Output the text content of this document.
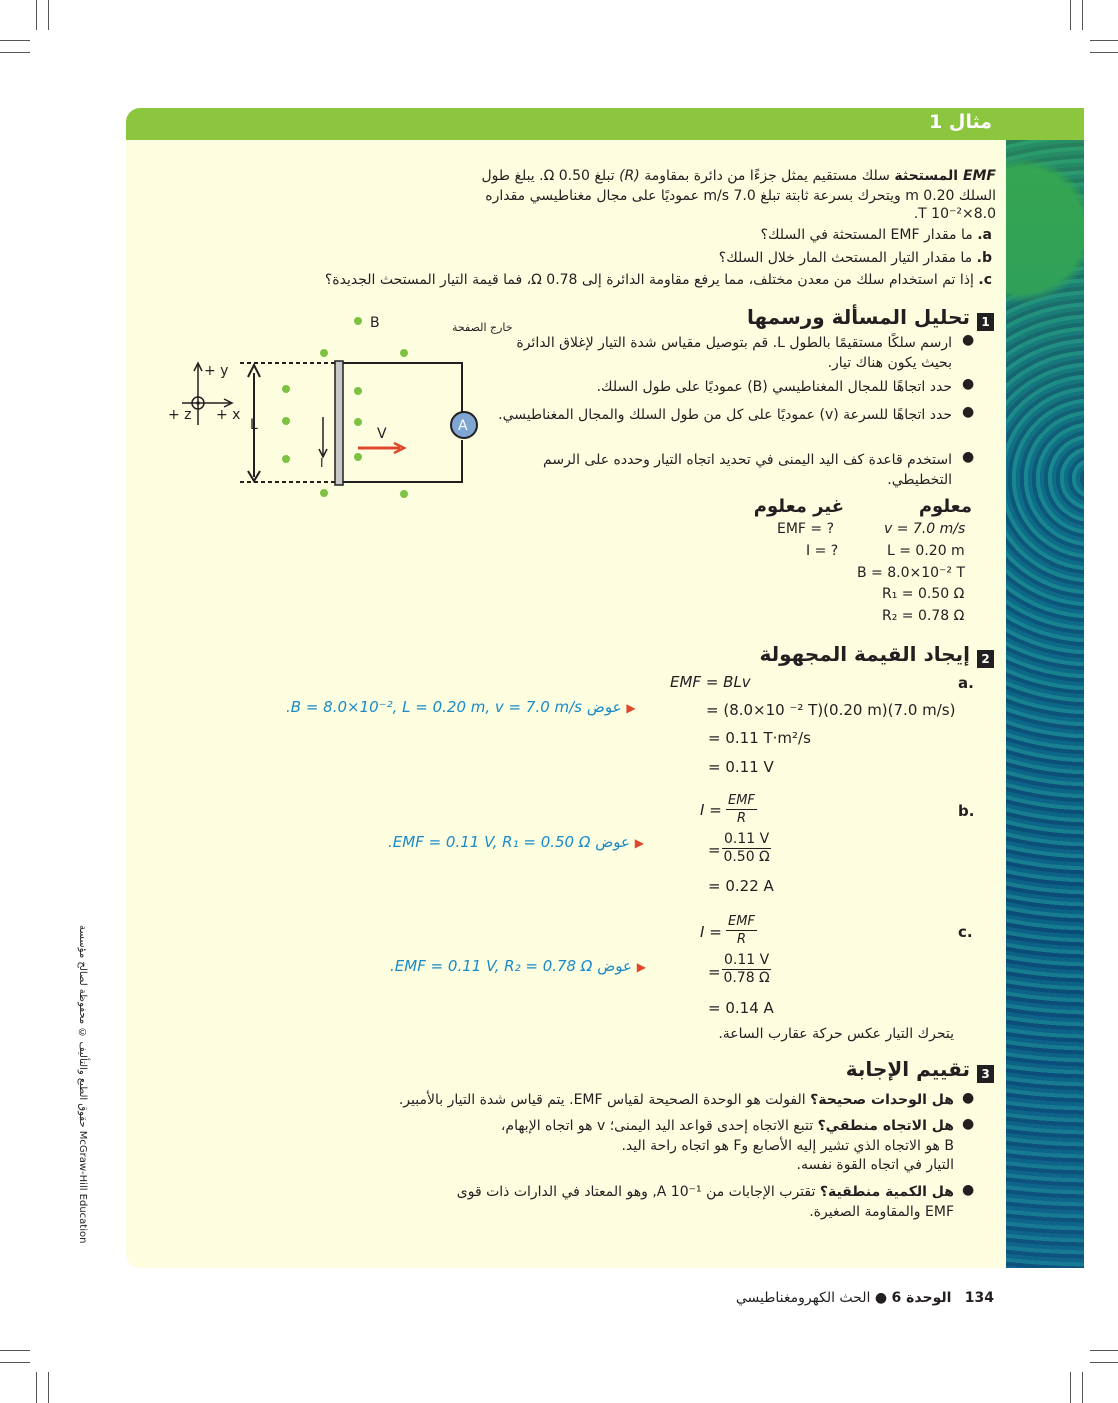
مثال 1
EMF المستحثة سلك مستقيم يمثل جزءًا من دائرة بمقاومة (R) تبلغ Ω 0.50. يبلغ طول
السلك m 0.20 ويتحرك بسرعة ثابتة تبلغ m/s 7.0 عموديًا على مجال مغناطيسي مقداره
8.0×10⁻² T.
a. ما مقدار EMF المستحثة في السلك؟
b. ما مقدار التيار المستحث المار خلال السلك؟
c. إذا تم استخدام سلك من معدن مختلف، مما يرفع مقاومة الدائرة إلى Ω 0.78، فما قيمة التيار المستحث الجديدة؟
1
تحليل المسألة ورسمها
ارسم سلكًا مستقيمًا بالطول L. قم بتوصيل مقياس شدة التيار لإغلاق الدائرة بحيث يكون هناك تيار.
●
حدد اتجاهًا للمجال المغناطيسي (B) عموديًا على طول السلك. ●
حدد اتجاهًا للسرعة (v) عموديًا على كل من طول السلك والمجال المغناطيسي. ●
استخدم قاعدة كف اليد اليمنى في تحديد اتجاه التيار وحدده على الرسم التخطيطي.
●
B	خارج الصفحة
A
L
I
V
+ y
+ x
+ z
معلوم
غير معلوم
v = 7.0 m/s
L = 0.20 m
B = 8.0×10⁻² T
R₁ = 0.50 Ω
R₂ = 0.78 Ω
EMF = ?
I = ?
2
إيجاد القيمة المجهولة
a.
EMF = BLv
= (8.0×10 ⁻² T)(0.20 m)(7.0 m/s)
= 0.11 T·m²/s
= 0.11 V
.B = 8.0×10⁻², L = 0.20 m, v = 7.0 m/s عوض ▶
b.
I =
EMF
R
= $\frac{0.11 V}{0.50 \Omega}$
= 0.22 A
.EMF = 0.11 V, R₁ = 0.50 Ω عوض ▶
c.
I =
EMF
R
= $\frac{0.11 V}{0.78 \Omega}$
= 0.14 A
.EMF = 0.11 V, R₂ = 0.78 Ω عوض ▶
يتحرك التيار عكس حركة عقارب الساعة.
3
تقييم الإجابة
●
هل الوحدات صحيحة؟ الفولت هو الوحدة الصحيحة لقياس EMF. يتم قياس شدة التيار بالأمبير.
●
هل الاتجاه منطقي؟ تتبع الاتجاه إحدى قواعد اليد اليمنى؛ v هو اتجاه الإبهام،
B هو الاتجاه الذي تشير إليه الأصابع وF هو اتجاه راحة اليد.
التيار في اتجاه القوة نفسه.
●
هل الكمية منطقية؟ تقترب الإجابات من A 10⁻¹, وهو المعتاد في الدارات ذات قوى
EMF والمقاومة الصغيرة.
134   الوحدة 6 ● الحث الكهرومغناطيسي
حقوق الطبع والتأليف © محفوظة لصالح مؤسسة McGraw-Hill Education
